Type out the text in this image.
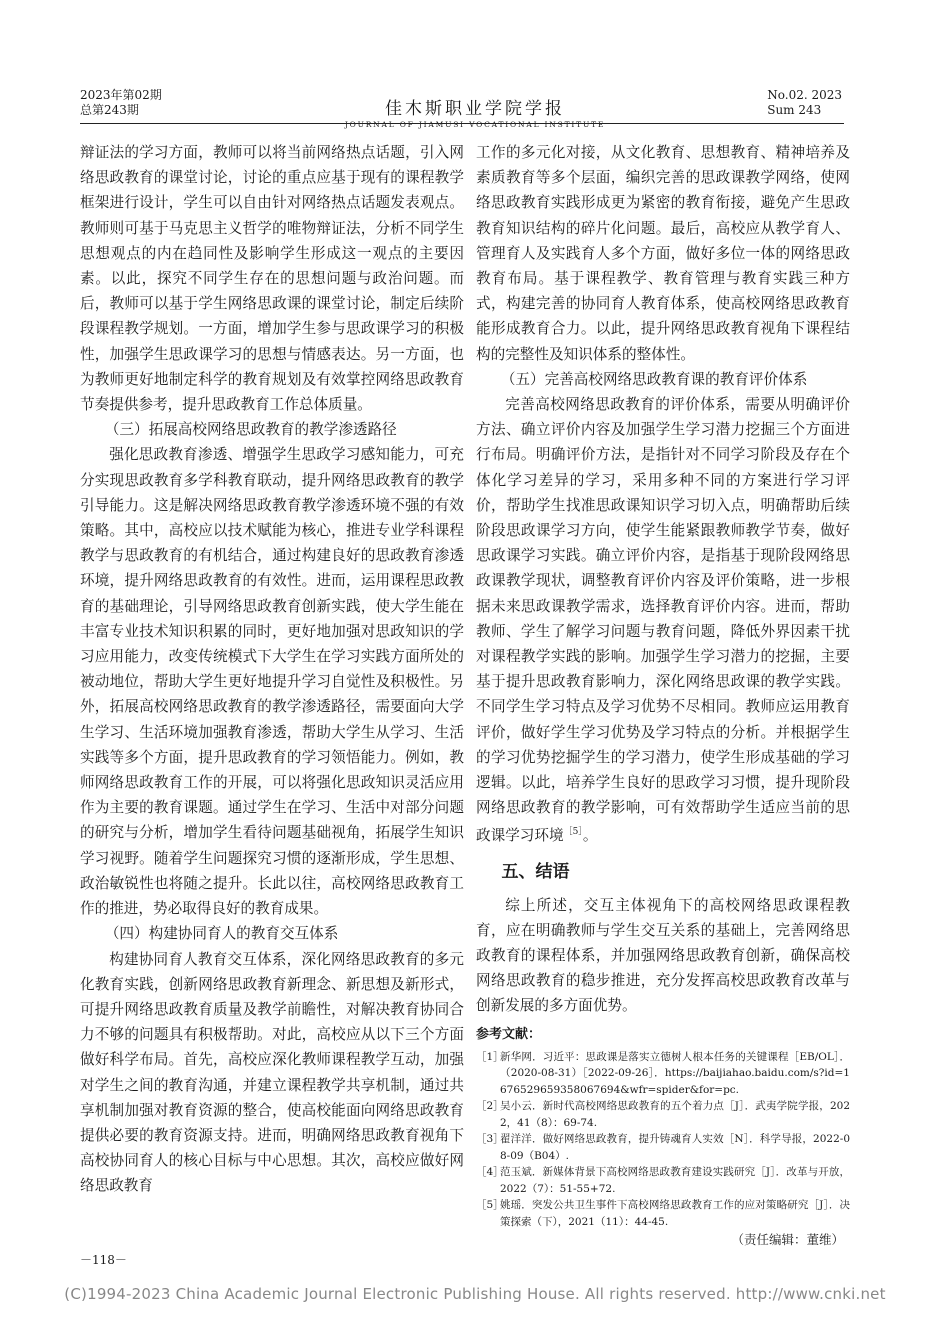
2023年第02期
总第243期	佳木斯职业学院学报
JOURNAL OF JIAMUSI VOCATIONAL INSTITUTE
No.02. 2023
Sum 243

辩证法的学习方面，教师可以将当前网络热点话题，引入网络思政教育的课堂讨论，讨论的重点应基于现有的课程教学框架进行设计，学生可以自由针对网络热点话题发表观点。教师则可基于马克思主义哲学的唯物辩证法，分析不同学生思想观点的内在趋同性及影响学生形成这一观点的主要因素。以此，探究不同学生存在的思想问题与政治问题。而后，教师可以基于学生网络思政课的课堂讨论，制定后续阶段课程教学规划。一方面，增加学生参与思政课学习的积极性，加强学生思政课学习的思想与情感表达。另一方面，也为教师更好地制定科学的教育规划及有效掌控网络思政教育节奏提供参考，提升思政教育工作总体质量。

（三）拓展高校网络思政教育的教学渗透路径

强化思政教育渗透、增强学生思政学习感知能力，可充分实现思政教育多学科教育联动，提升网络思政教育的教学引导能力。这是解决网络思政教育教学渗透环境不强的有效策略。其中，高校应以技术赋能为核心，推进专业学科课程教学与思政教育的有机结合，通过构建良好的思政教育渗透环境，提升网络思政教育的有效性。进而，运用课程思政教育的基础理论，引导网络思政教育创新实践，使大学生能在丰富专业技术知识积累的同时，更好地加强对思政知识的学习应用能力，改变传统模式下大学生在学习实践方面所处的被动地位，帮助大学生更好地提升学习自觉性及积极性。另外，拓展高校网络思政教育的教学渗透路径，需要面向大学生学习、生活环境加强教育渗透，帮助大学生从学习、生活实践等多个方面，提升思政教育的学习领悟能力。例如，教师网络思政教育工作的开展，可以将强化思政知识灵活应用作为主要的教育课题。通过学生在学习、生活中对部分问题的研究与分析，增加学生看待问题基础视角，拓展学生知识学习视野。随着学生问题探究习惯的逐渐形成，学生思想、政治敏锐性也将随之提升。长此以往，高校网络思政教育工作的推进，势必取得良好的教育成果。

（四）构建协同育人的教育交互体系

构建协同育人教育交互体系，深化网络思政教育的多元化教育实践，创新网络思政教育新理念、新思想及新形式，可提升网络思政教育质量及教学前瞻性，对解决教育协同合力不够的问题具有积极帮助。对此，高校应从以下三个方面做好科学布局。首先，高校应深化教师课程教学互动，加强对学生之间的教育沟通，并建立课程教学共享机制，通过共享机制加强对教育资源的整合，使高校能面向网络思政教育提供必要的教育资源支持。进而，明确网络思政教育视角下高校协同育人的核心目标与中心思想。其次，高校应做好网络思政教育

工作的多元化对接，从文化教育、思想教育、精神培养及素质教育等多个层面，编织完善的思政课教学网络，使网络思政教育实践形成更为紧密的教育衔接，避免产生思政教育知识结构的碎片化问题。最后，高校应从教学育人、管理育人及实践育人多个方面，做好多位一体的网络思政教育布局。基于课程教学、教育管理与教育实践三种方式，构建完善的协同育人教育体系，使高校网络思政教育能形成教育合力。以此，提升网络思政教育视角下课程结构的完整性及知识体系的整体性。

（五）完善高校网络思政教育课的教育评价体系

完善高校网络思政教育的评价体系，需要从明确评价方法、确立评价内容及加强学生学习潜力挖掘三个方面进行布局。明确评价方法，是指针对不同学习阶段及存在个体化学习差异的学习，采用多种不同的方案进行学习评价，帮助学生找准思政课知识学习切入点，明确帮助后续阶段思政课学习方向，使学生能紧跟教师教学节奏，做好思政课学习实践。确立评价内容，是指基于现阶段网络思政课教学现状，调整教育评价内容及评价策略，进一步根据未来思政课教学需求，选择教育评价内容。进而，帮助教师、学生了解学习问题与教育问题，降低外界因素干扰对课程教学实践的影响。加强学生学习潜力的挖掘，主要基于提升思政教育影响力，深化网络思政课的教学实践。不同学生学习特点及学习优势不尽相同。教师应运用教育评价，做好学生学习优势及学习特点的分析。并根据学生的学习优势挖掘学生的学习潜力，使学生形成基础的学习逻辑。以此，培养学生良好的思政学习习惯，提升现阶段网络思政教育的教学影响，可有效帮助学生适应当前的思政课学习环境$^{[5]}$。

五、结语

综上所述，交互主体视角下的高校网络思政课程教育，应在明确教师与学生交互关系的基础上，完善网络思政教育的课程体系，并加强网络思政教育创新，确保高校网络思政教育的稳步推进，充分发挥高校思政教育改革与创新发展的多方面优势。

参考文献：
［1］
新华网．习近平：思政课是落实立德树人根本任务的关键课程［EB/OL］．（2020-08-31）［2022-09-26］．https://baijiahao.baidu.com/s?id=1676529659358067694&wfr=spider&for=pc.
［2］
吴小云．新时代高校网络思政教育的五个着力点［J］．武夷学院学报，2022，41（8）：69-74.
［3］
翟洋洋．做好网络思政教育，提升铸魂育人实效［N］．科学导报，2022-08-09（B04）.
［4］
范玉斌．新媒体背景下高校网络思政教育建设实践研究［J］．改革与开放，2022（7）：51-55+72.
［5］
姚瑶．突发公共卫生事件下高校网络思政教育工作的应对策略研究［J］．决策探索（下），2021（11）：44-45.
（责任编辑：董维）
－118－
(C)1994-2023 China Academic Journal Electronic Publishing House. All rights reserved. http://www.cnki.net
